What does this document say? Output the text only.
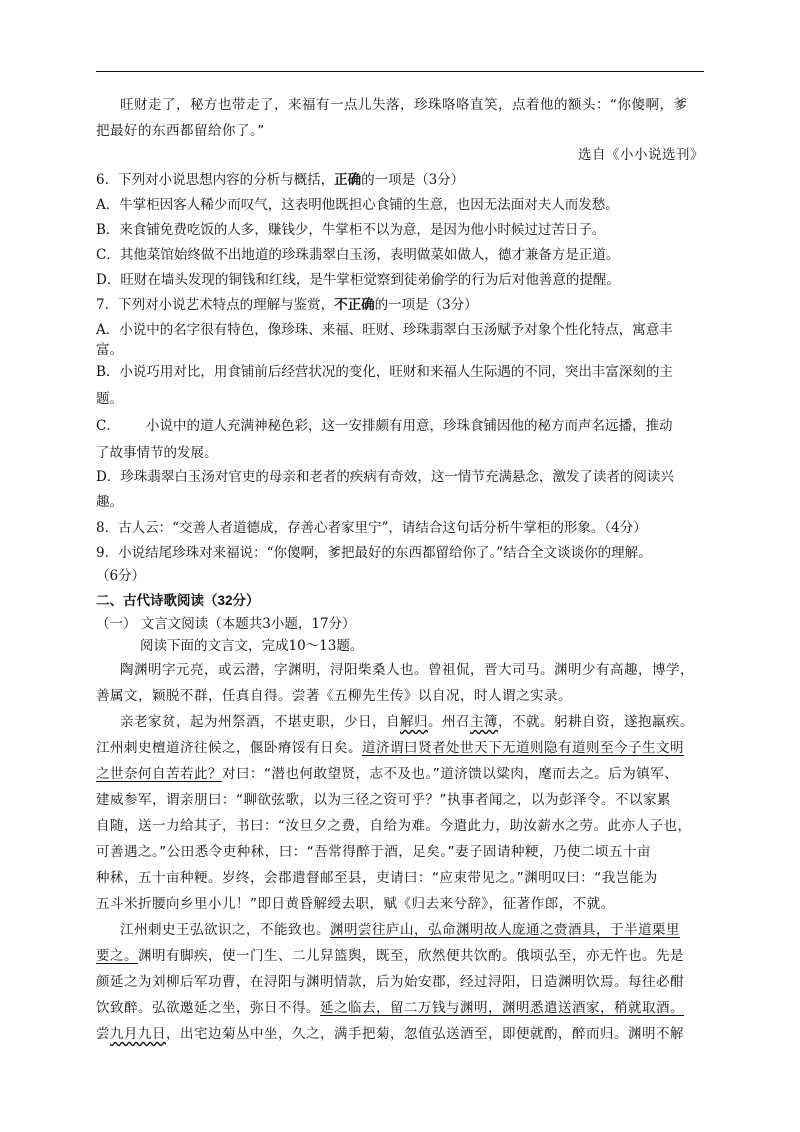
旺财走了，秘方也带走了，来福有一点儿失落，珍珠咯咯直笑，点着他的额头：“你傻啊，爹
把最好的东西都留给你了。”
选自《小小说选刊》
6．下列对小说思想内容的分析与概括，正确的一项是（3分）
A．牛掌柜因客人稀少而叹气，这表明他既担心食铺的生意，也因无法面对夫人而发愁。
B．来食铺免费吃饭的人多，赚钱少，牛掌柜不以为意，是因为他小时候过过苦日子。
C．其他菜馆始终做不出地道的珍珠翡翠白玉汤，表明做菜如做人，德才兼备方是正道。
D．旺财在墙头发现的铜钱和红线，是牛掌柜觉察到徒弟偷学的行为后对他善意的提醒。
7．下列对小说艺术特点的理解与鉴赏，不正确的一项是（3分）
A．小说中的名字很有特色，像珍珠、来福、旺财、珍珠翡翠白玉汤赋予对象个性化特点，寓意丰
富。
B．小说巧用对比，用食铺前后经营状况的变化，旺财和来福人生际遇的不同，突出丰富深刻的主
题。
C． 小说中的道人充满神秘色彩，这一安排颇有用意，珍珠食铺因他的秘方而声名远播，推动
了故事情节的发展。
D．珍珠翡翠白玉汤对官吏的母亲和老者的疾病有奇效，这一情节充满悬念，激发了读者的阅读兴
趣。
8．古人云：“交善人者道德成，存善心者家里宁”，请结合这句话分析牛掌柜的形象。（4分）
9．小说结尾珍珠对来福说：“你傻啊，爹把最好的东西都留给你了。”结合全文谈谈你的理解。
（6分）
二、古代诗歌阅读（32分）
（一） 文言文阅读（本题共3小题，17分）
阅读下面的文言文，完成10～13题。
陶渊明字元亮，或云潜，字渊明，浔阳柴桑人也。曾祖侃，晋大司马。渊明少有高趣，博学，
善属文，颖脱不群，任真自得。尝著《五柳先生传》以自况，时人谓之实录。
亲老家贫，起为州祭酒，不堪吏职，少日，自解归。州召主簿，不就。躬耕自资，遂抱羸疾。
江州刺史檀道济往候之，偃卧瘠馁有日矣。道济谓曰贤者处世天下无道则隐有道则至今子生文明
之世奈何自苦若此？对曰：“潜也何敢望贤，志不及也。”道济馈以粱肉，麾而去之。后为镇军、
建威参军，谓亲朋曰：“聊欲弦歌，以为三径之资可乎？”执事者闻之，以为彭泽令。不以家累
自随，送一力给其子，书曰：“汝旦夕之费，自给为难。今遣此力，助汝薪水之劳。此亦人子也，
可善遇之。”公田悉令吏种秫，曰：“吾常得醉于酒，足矣。”妻子固请种粳，乃使二顷五十亩
种秫，五十亩种粳。岁终，会郡遣督邮至县，吏请曰：“应束带见之。”渊明叹曰：“我岂能为
五斗米折腰向乡里小儿！”即日黄昏解绶去职，赋《归去来兮辞》，征著作郎，不就。
江州刺史王弘欲识之，不能致也。渊明尝往庐山，弘命渊明故人庞通之赍酒具，于半道栗里
要之。渊明有脚疾，使一门生、二儿舁篮舆，既至，欣然便共饮酌。俄顷弘至，亦无忤也。先是
颜延之为刘柳后军功曹，在浔阳与渊明情款，后为始安郡，经过浔阳，日造渊明饮焉。每往必酣
饮致醉。弘欲邀延之坐，弥日不得。延之临去，留二万钱与渊明，渊明悉遣送酒家，稍就取酒。
尝九月九日，出宅边菊丛中坐，久之，满手把菊，忽值弘送酒至，即便就酌，醉而归。渊明不解
